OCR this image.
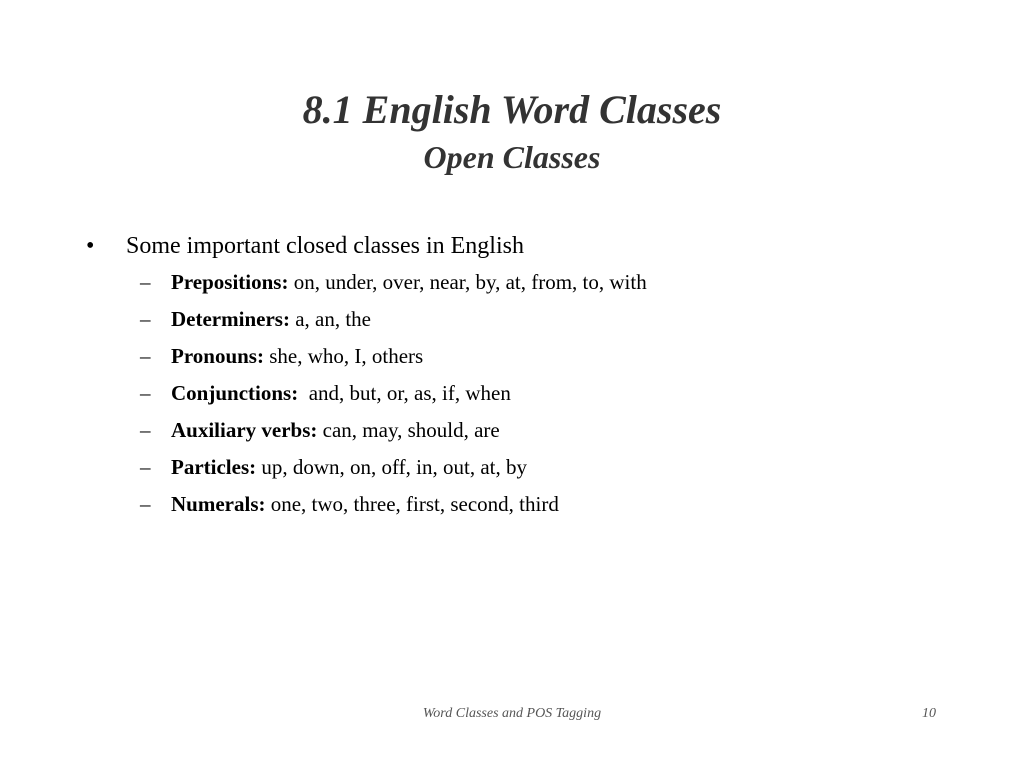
8.1 English Word Classes
Open Classes
•	Some important closed classes in English
– Prepositions: on, under, over, near, by, at, from, to, with
– Determiners: a, an, the
– Pronouns: she, who, I, others
– Conjunctions:  and, but, or, as, if, when
– Auxiliary verbs: can, may, should, are
– Particles: up, down, on, off, in, out, at, by
– Numerals: one, two, three, first, second, third
Word Classes and POS Tagging	10
